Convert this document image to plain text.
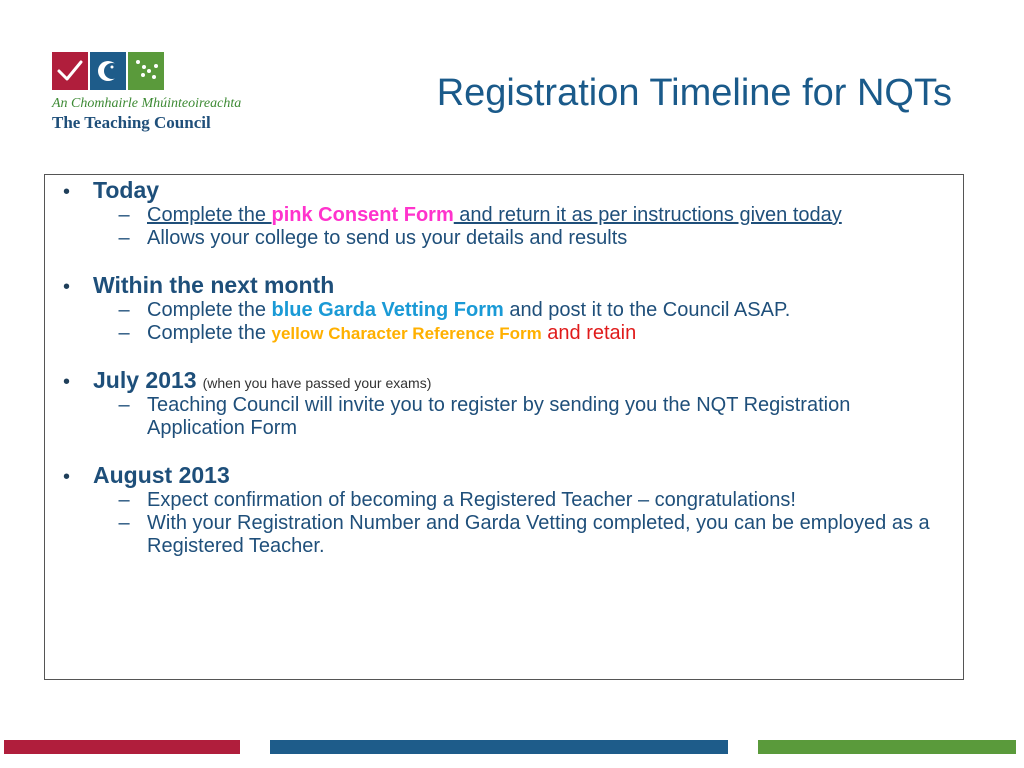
An Chomhairle Mhúinteoireachta
The Teaching Council
Registration Timeline for NQTs
• Today
– Complete the pink Consent Form and return it as per instructions given today
– Allows your college to send us your details and results
• Within the next month
– Complete the blue Garda Vetting Form and post it to the Council ASAP.
– Complete the yellow Character Reference Form and retain
• July 2013 (when you have passed your exams)
– Teaching Council will invite you to register by sending you the NQT Registration Application Form
• August 2013
– Expect confirmation of becoming a Registered Teacher – congratulations!
– With your Registration Number and Garda Vetting completed, you can be employed as a Registered Teacher.
